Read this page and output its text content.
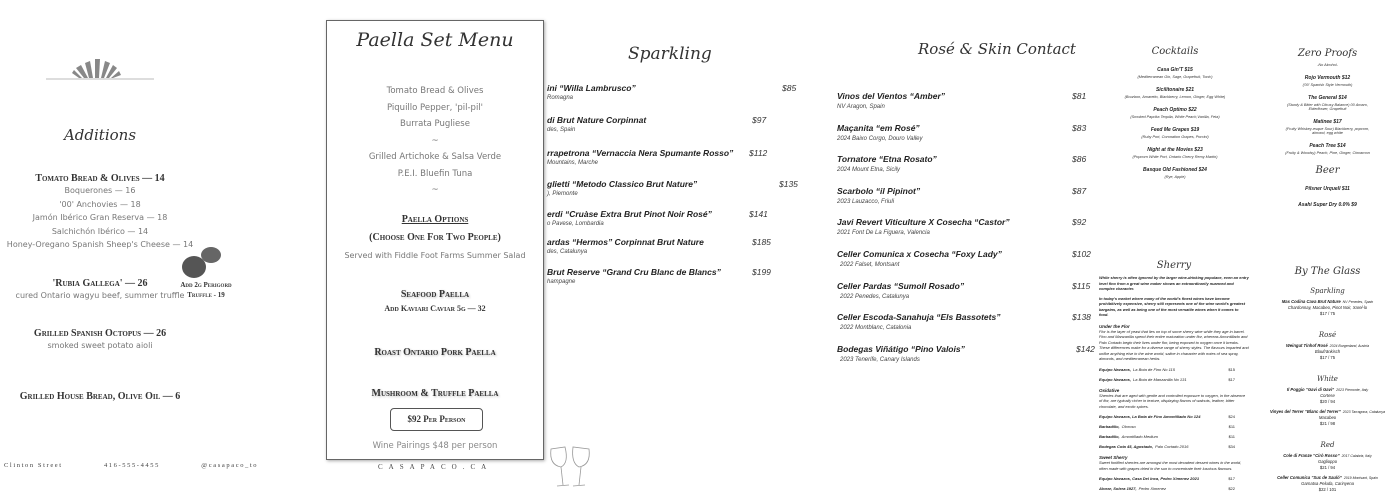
Additions
Tomato Bread & Olives — 14
Boquerones — 16
'00' Anchovies — 18
Jamón Ibérico Gran Reserva — 18
Salchichón Ibérico — 14
Honey-Oregano Spanish Sheep's Cheese — 14
'Rubia Gallega' — 26
cured Ontario wagyu beef, summer truffle
Grilled Spanish Octopus — 26
smoked sweet potato aioli
Grilled House Bread, Olive Oil — 6
Add 2g Perigord Truffle - 19
Clinton Street	416-555-4455	@casapaco_to
Paella Set Menu
Tomato Bread & Olives
Piquillo Pepper, 'pil-pil'
Burrata Pugliese
~
Grilled Artichoke & Salsa Verde
P.E.I. Bluefin Tuna
~
Paella Options
(Choose One For Two People)
Served with Fiddle Foot Farms Summer Salad
Seafood Paella
Add Kaviari Caviar 5g — 32
Roast Ontario Pork Paella
Mushroom & Truffle Paella
$92 Per Person
Wine Pairings $48 per person
CASAPACO.CA
Sparkling
ini “Willa Lambrusco”
Romagna
$85
di Brut Nature Corpinnat
des, Spain
$97
rrapetrona “Vernaccia Nera Spumante Rosso”
Mountains, Marche
$112
glietti “Metodo Classico Brut Nature”
), Piemonte
$135
erdi “Cruàse Extra Brut Pinot Noir Rosé”
o Pavese, Lombardia
$141
ardas “Hermos” Corpinnat Brut Nature
des, Catalunya
$185
Brut Reserve “Grand Cru Blanc de Blancs”
hampagne
$199
Rosé & Skin Contact
Vinos del Vientos “Amber”
NV Aragon, Spain
$81
Maçanita “em Rosé”
2024 Baixo Corgo, Douro Valley
$83
Tornatore “Etna Rosato”
2024 Mount Etna, Sicily
$86
Scarbolo “il Pipinot”
2023 Lauzacco, Friuli
$87
Javi Revert Viticulture X Cosecha “Castor”
2021 Font De La Figuera, Valencia
$92
Celler Comunica x Cosecha “Foxy Lady”
2022 Falset, Montsant
$102
Celler Pardas “Sumoll Rosado”
2022 Penedes, Catalunya
$115
Celler Escoda-Sanahuja “Els Bassotets”
2022 Montblanc, Catalonia
$138
Bodegas Viñátigo “Pino Valois”
2023 Tenerife, Canary Islands
$142
Cocktails
Casa Gin'T $15
(Mediterranean Gin, Sage, Grapefruit, Tonic)
Sicilitonaire $21
(Bourbon, Amaretto, Blackberry, Lemon, Ginger, Egg White)
Peach Optimo $22
(Smoked Paprika Tequila, White Peach,Vanilla, Feta)
Feed Me Grapes $19
(Ruby Port, Coronation Grapes, Porcini)
Night at the Movies $23
(Popcorn White Port, Ontario Cherry Remy Martin)
Basque Old Fashioned $24
(Rye, Apple)
Zero Proofs
-No Alcohol-
Rojo Vermouth $12
('00' Spanish Style Vermouth)
The General $14
(Sturdy & Bitter with Citrusy Balance) 00 Amaro, Elderflower, Grapefruit
Matinee $17
(Fruity Whiskey-esque Sour) Blackberry, popcorn, almond, egg white
Peach Tree $14
(Fruity & Woodsy) Peach, Pine, Ginger, Cinnamon
Beer
Pilsner Urquell $11
Asahi Super Dry 0.0% $9
Sherry
While sherry is often ignored by the larger wine-drinking populace, even an entry level fino from a great wine maker shows an extraordinarily nuanced and complex character.
In today's market where many of the world's finest wines have become prohibitively expensive, sherry still represents one of the wine world's greatest bargains, as well as being one of the most versatile wines when it comes to food.
Under the Flor
Flor is the layer of yeast that lies on top of some sherry wine while they age in barrel. Fino and Manzanilla spend their entire maturation under flor, whereas Amontillado and Palo Cortado begin their lives under flor, being exposed to oxygen once it breaks. These differences make for a diverse range of sherry styles. The flavours imparted and unlike anything else in the wine world, saline in character with notes of sea spray, almonds, and mediterranean herbs.
Equipo Navazos, La Bota de Fino No 115	$15
Equipo Navazos, La Bota de Manzanilla No 131	$17
Oxidative
Sherries that are aged with gentle and controlled exposure to oxygen, in the absence of flor, are typically richer in texture, displaying flavors of walnuts, leather, bitter chocolate, and exotic spices.
Equipo Navazos, La Bota de Fino Amontillado No 124	$24
Barbadillo, Oloroso	$11
Barbadillo, Amontillado Medium	$11
Bodegas Cota 45, Agostado, Palo Cortado 2016	$34
Sweet Sherry
Sweet fortified sherries are amongst the most decadent dessert wines in the world, often made with grapes dried in the sun to concentrate their luscious flavours.
Equipo Navazos, Casa Del Inca, Pedro Ximenez 2021	$17
Alvear, Solera 1927, Pedro Ximenez	$22
By The Glass
Sparkling
Mas Codina Cava Brut Nature NV Penedes, Spain
Chardonnay, Macabeo, Pinot Noir, Xarel-lo
$17 / 75
Rosé
Weingut Tinhof Rosé 2024 Burgenland, Austria
Blaufränkisch
$17 / 75
White
Il Poggio “Gavi di Gavi” 2023 Piemonte, Italy
Cortese
$20 / 94
Vinyes del Terrer “Blanc del Terrer” 2023 Tarragona, Catalunya
Macabeo
$21 / 98
Red
Cole di Franze “Cirò Rosso” 2017 Calabria, Italy
Gaglioppo
$21 / 94
Celler Comunica “Suc de Sauló” 2019 Montsant, Spain
Garnatxa Peluda, Carinyena
$22 / 101
